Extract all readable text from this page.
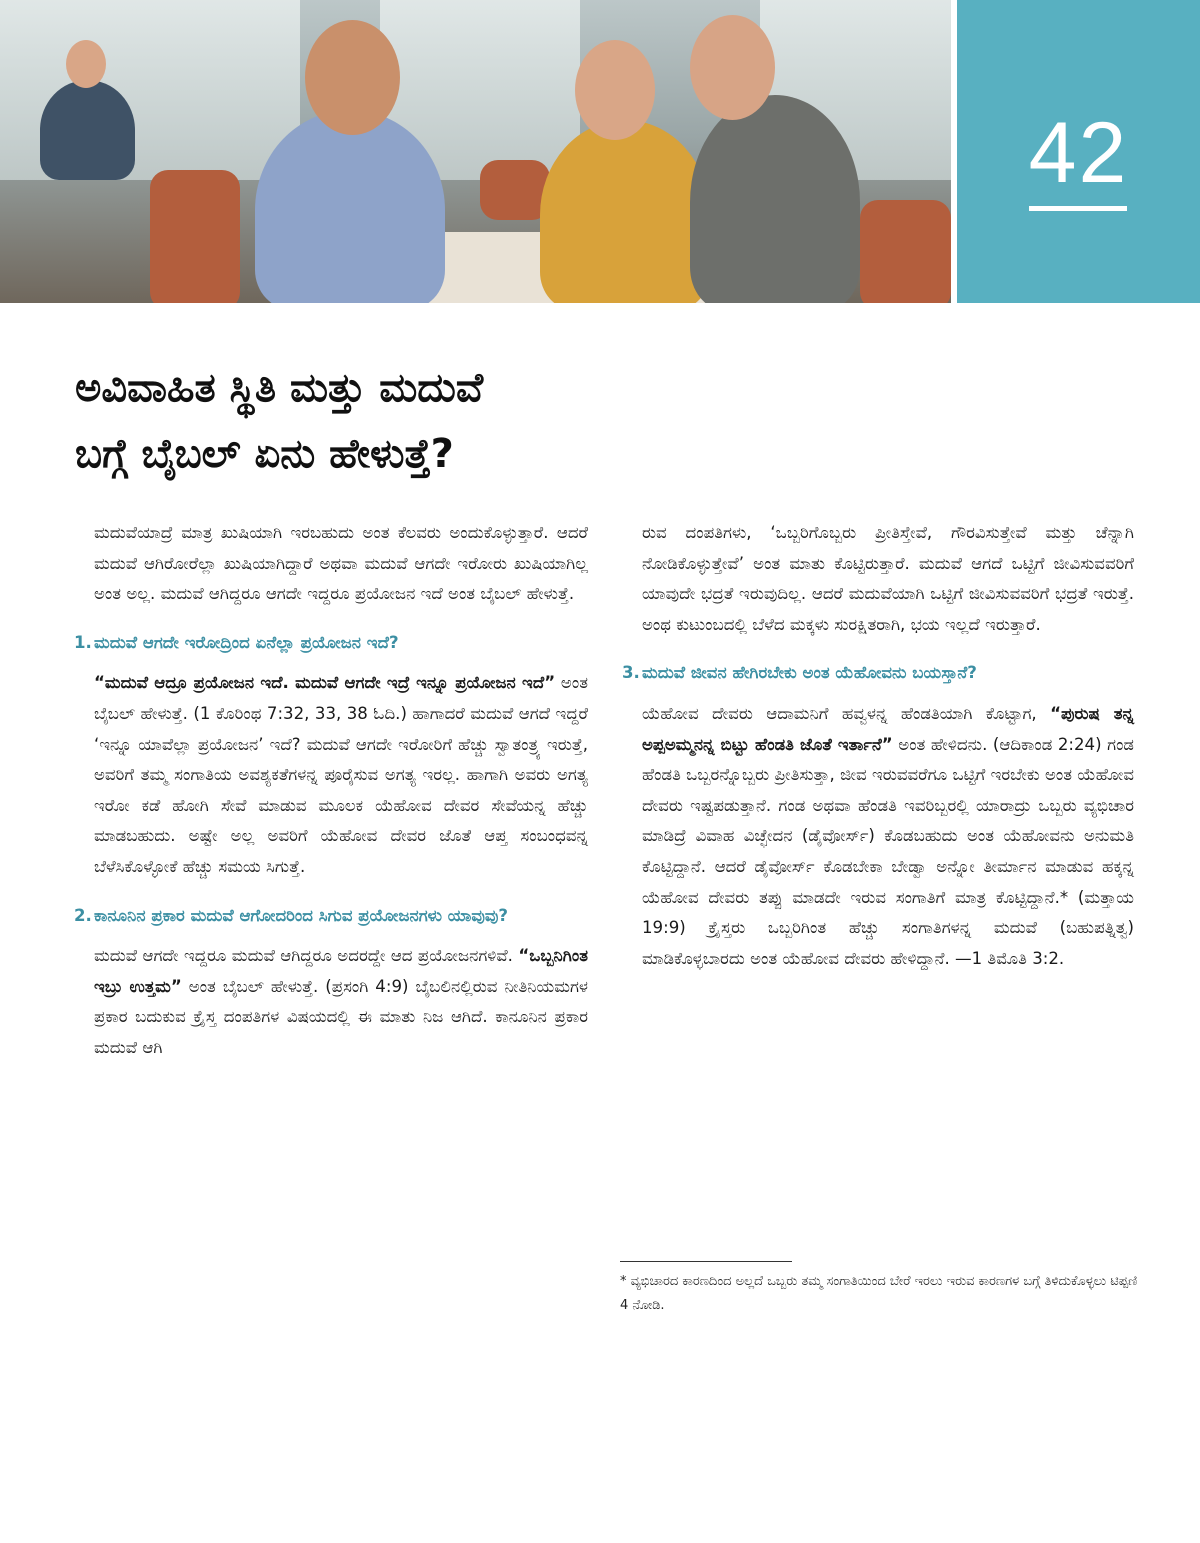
42
ಅವಿವಾಹಿತ ಸ್ಥಿತಿ ಮತ್ತು ಮದುವೆ
ಬಗ್ಗೆ ಬೈಬಲ್ ಏನು ಹೇಳುತ್ತೆ?

ಮದುವೆಯಾದ್ರೆ ಮಾತ್ರ ಖುಷಿಯಾಗಿ ಇರಬಹುದು ಅಂತ ಕೆಲವರು ಅಂದುಕೊಳ್ಳುತ್ತಾರೆ. ಆದರೆ ಮದುವೆ ಆಗಿರೋರೆಲ್ಲಾ ಖುಷಿಯಾಗಿದ್ದಾರೆ ಅಥವಾ ಮದುವೆ ಆಗದೇ ಇರೋರು ಖುಷಿಯಾಗಿಲ್ಲ ಅಂತ ಅಲ್ಲ. ಮದುವೆ ಆಗಿದ್ದರೂ ಆಗದೇ ಇದ್ದರೂ ಪ್ರಯೋಜನ ಇದೆ ಅಂತ ಬೈಬಲ್ ಹೇಳುತ್ತೆ.

1. ಮದುವೆ ಆಗದೇ ಇರೋದ್ರಿಂದ ಏನೆಲ್ಲಾ ಪ್ರಯೋಜನ ಇದೆ?

“ಮದುವೆ ಆದ್ರೂ ಪ್ರಯೋಜನ ಇದೆ. ಮದುವೆ ಆಗದೇ ಇದ್ರೆ ಇನ್ನೂ ಪ್ರಯೋಜನ ಇದೆ” ಅಂತ ಬೈಬಲ್ ಹೇಳುತ್ತೆ. (1 ಕೊರಿಂಥ 7:32, 33, 38 ಓದಿ.) ಹಾಗಾದರೆ ಮದುವೆ ಆಗದೆ ಇದ್ದರೆ ‘ಇನ್ನೂ ಯಾವೆಲ್ಲಾ ಪ್ರಯೋಜನ’ ಇದೆ? ಮದುವೆ ಆಗದೇ ಇರೋರಿಗೆ ಹೆಚ್ಚು ಸ್ವಾತಂತ್ರ್ಯ ಇರುತ್ತೆ, ಅವರಿಗೆ ತಮ್ಮ ಸಂಗಾತಿಯ ಅವಶ್ಯಕತೆಗಳನ್ನ ಪೂರೈಸುವ ಅಗತ್ಯ ಇರಲ್ಲ. ಹಾಗಾಗಿ ಅವರು ಅಗತ್ಯ ಇರೋ ಕಡೆ ಹೋಗಿ ಸೇವೆ ಮಾಡುವ ಮೂಲಕ ಯೆಹೋವ ದೇವರ ಸೇವೆಯನ್ನ ಹೆಚ್ಚು ಮಾಡಬಹುದು. ಅಷ್ಟೇ ಅಲ್ಲ ಅವರಿಗೆ ಯೆಹೋವ ದೇವರ ಜೊತೆ ಆಪ್ತ ಸಂಬಂಧವನ್ನ ಬೆಳೆಸಿಕೊಳ್ಳೋಕೆ ಹೆಚ್ಚು ಸಮಯ ಸಿಗುತ್ತೆ.

2. ಕಾನೂನಿನ ಪ್ರಕಾರ ಮದುವೆ ಆಗೋದರಿಂದ ಸಿಗುವ ಪ್ರಯೋಜನಗಳು ಯಾವುವು?

ಮದುವೆ ಆಗದೇ ಇದ್ದರೂ ಮದುವೆ ಆಗಿದ್ದರೂ ಅದರದ್ದೇ ಆದ ಪ್ರಯೋಜನಗಳಿವೆ. “ಒಬ್ಬನಿಗಿಂತ ಇಬ್ರು ಉತ್ತಮ” ಅಂತ ಬೈಬಲ್ ಹೇಳುತ್ತೆ. (ಪ್ರಸಂಗಿ 4:9) ಬೈಬಲಿನಲ್ಲಿರುವ ನೀತಿನಿಯಮಗಳ ಪ್ರಕಾರ ಬದುಕುವ ಕ್ರೈಸ್ತ ದಂಪತಿಗಳ ವಿಷಯದಲ್ಲಿ ಈ ಮಾತು ನಿಜ ಆಗಿದೆ. ಕಾನೂನಿನ ಪ್ರಕಾರ ಮದುವೆ ಆಗಿ

ರುವ ದಂಪತಿಗಳು, ‘ಒಬ್ಬರಿಗೊಬ್ಬರು ಪ್ರೀತಿಸ್ತೇವೆ, ಗೌರವಿಸುತ್ತೇವೆ ಮತ್ತು ಚೆನ್ನಾಗಿ ನೋಡಿಕೊಳ್ಳುತ್ತೇವೆ’ ಅಂತ ಮಾತು ಕೊಟ್ಟಿರುತ್ತಾರೆ. ಮದುವೆ ಆಗದೆ ಒಟ್ಟಿಗೆ ಜೀವಿಸುವವರಿಗೆ ಯಾವುದೇ ಭದ್ರತೆ ಇರುವುದಿಲ್ಲ. ಆದರೆ ಮದುವೆಯಾಗಿ ಒಟ್ಟಿಗೆ ಜೀವಿಸುವವರಿಗೆ ಭದ್ರತೆ ಇರುತ್ತೆ. ಅಂಥ ಕುಟುಂಬದಲ್ಲಿ ಬೆಳೆದ ಮಕ್ಕಳು ಸುರಕ್ಷಿತರಾಗಿ, ಭಯ ಇಲ್ಲದೆ ಇರುತ್ತಾರೆ.

3. ಮದುವೆ ಜೀವನ ಹೇಗಿರಬೇಕು ಅಂತ ಯೆಹೋವನು ಬಯಸ್ತಾನೆ?

ಯೆಹೋವ ದೇವರು ಆದಾಮನಿಗೆ ಹವ್ವಳನ್ನ ಹೆಂಡತಿಯಾಗಿ ಕೊಟ್ಟಾಗ, “ಪುರುಷ ತನ್ನ ಅಪ್ಪಅಮ್ಮನನ್ನ ಬಿಟ್ಟು ಹೆಂಡತಿ ಜೊತೆ ಇರ್ತಾನೆ” ಅಂತ ಹೇಳಿದನು. (ಆದಿಕಾಂಡ 2:24) ಗಂಡ ಹೆಂಡತಿ ಒಬ್ಬರನ್ನೊಬ್ಬರು ಪ್ರೀತಿಸುತ್ತಾ, ಜೀವ ಇರುವವರೆಗೂ ಒಟ್ಟಿಗೆ ಇರಬೇಕು ಅಂತ ಯೆಹೋವ ದೇವರು ಇಷ್ಟಪಡುತ್ತಾನೆ. ಗಂಡ ಅಥವಾ ಹೆಂಡತಿ ಇವರಿಬ್ಬರಲ್ಲಿ ಯಾರಾದ್ರು ಒಬ್ಬರು ವ್ಯಭಿಚಾರ ಮಾಡಿದ್ರೆ ವಿವಾಹ ವಿಚ್ಛೇದನ (ಡೈವೋರ್ಸ್) ಕೊಡಬಹುದು ಅಂತ ಯೆಹೋವನು ಅನುಮತಿ ಕೊಟ್ಟಿದ್ದಾನೆ. ಆದರೆ ಡೈವೋರ್ಸ್ ಕೊಡಬೇಕಾ ಬೇಡ್ವಾ ಅನ್ನೋ ತೀರ್ಮಾನ ಮಾಡುವ ಹಕ್ಕನ್ನ ಯೆಹೋವ ದೇವರು ತಪ್ಪು ಮಾಡದೇ ಇರುವ ಸಂಗಾತಿಗೆ ಮಾತ್ರ ಕೊಟ್ಟಿದ್ದಾನೆ.* (ಮತ್ತಾಯ 19:9) ಕ್ರೈಸ್ತರು ಒಬ್ಬರಿಗಿಂತ ಹೆಚ್ಚು ಸಂಗಾತಿಗಳನ್ನ ಮದುವೆ (ಬಹುಪತ್ನಿತ್ವ) ಮಾಡಿಕೊಳ್ಳಬಾರದು ಅಂತ ಯೆಹೋವ ದೇವರು ಹೇಳಿದ್ದಾನೆ. —1 ತಿಮೊತಿ 3:2.

* ವ್ಯಭಿಚಾರದ ಕಾರಣದಿಂದ ಅಲ್ಲದೆ ಒಬ್ಬರು ತಮ್ಮ ಸಂಗಾತಿಯಿಂದ ಬೇರೆ ಇರಲು ಇರುವ ಕಾರಣಗಳ ಬಗ್ಗೆ ತಿಳಿದುಕೊಳ್ಳಲು ಟಿಪ್ಪಣಿ 4 ನೋಡಿ.
